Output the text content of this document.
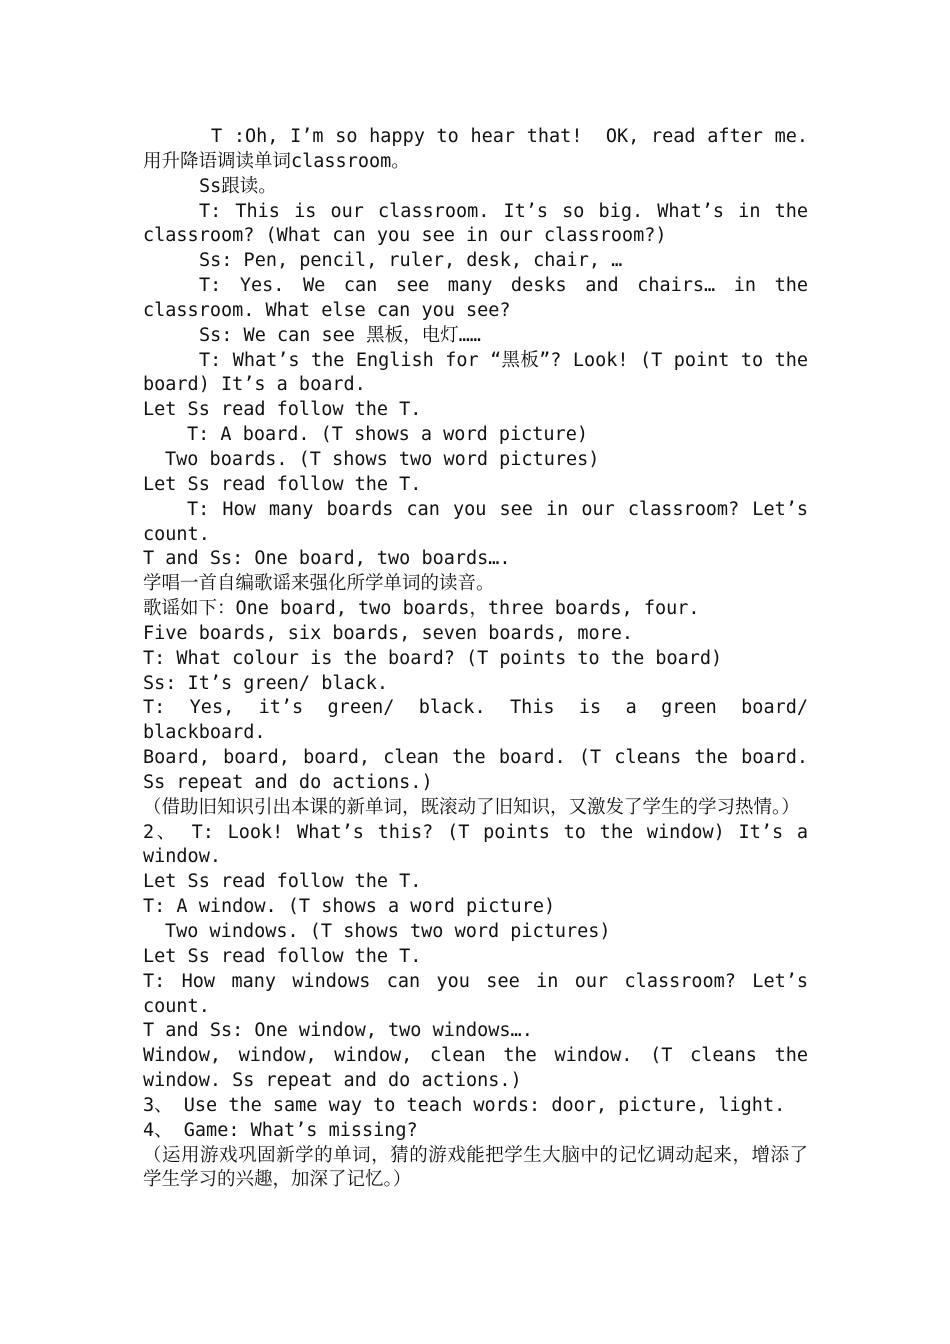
T :Oh, I’m so happy to hear that!  OK, read after me. 用升降语调读单词classroom。

Ss跟读。

T: This is our classroom. It’s so big. What’s in the classroom? (What can you see in our classroom?)

Ss: Pen, pencil, ruler, desk, chair, …

T: Yes. We can see many desks and chairs… in the classroom. What else can you see?

Ss: We can see 黑板，电灯……

T: What’s the English for “黑板”? Look! (T point to the board) It’s a board.

Let Ss read follow the T.

T: A board. (T shows a word picture)

Two boards. (T shows two word pictures)

Let Ss read follow the T.

T: How many boards can you see in our classroom? Let’s count.

T and Ss: One board, two boards….

学唱一首自编歌谣来强化所学单词的读音。

歌谣如下：One board, two boards，three boards, four.

Five boards, six boards, seven boards, more.

T: What colour is the board? (T points to the board)

Ss: It’s green/ black.

T: Yes, it’s green/ black. This is a green board/ blackboard.

Board, board, board, clean the board. (T cleans the board. Ss repeat and do actions.)

（借助旧知识引出本课的新单词，既滚动了旧知识，又激发了学生的学习热情。）

2、 T: Look! What’s this? (T points to the window) It’s a window.

Let Ss read follow the T.

T: A window. (T shows a word picture)

Two windows. (T shows two word pictures)

Let Ss read follow the T.

T: How many windows can you see in our classroom? Let’s count.

T and Ss: One window, two windows….

Window, window, window, clean the window. (T cleans the window. Ss repeat and do actions.)

3、 Use the same way to teach words: door, picture, light.

4、 Game: What’s missing?

（运用游戏巩固新学的单词，猜的游戏能把学生大脑中的记忆调动起来，增添了学生学习的兴趣，加深了记忆。）
